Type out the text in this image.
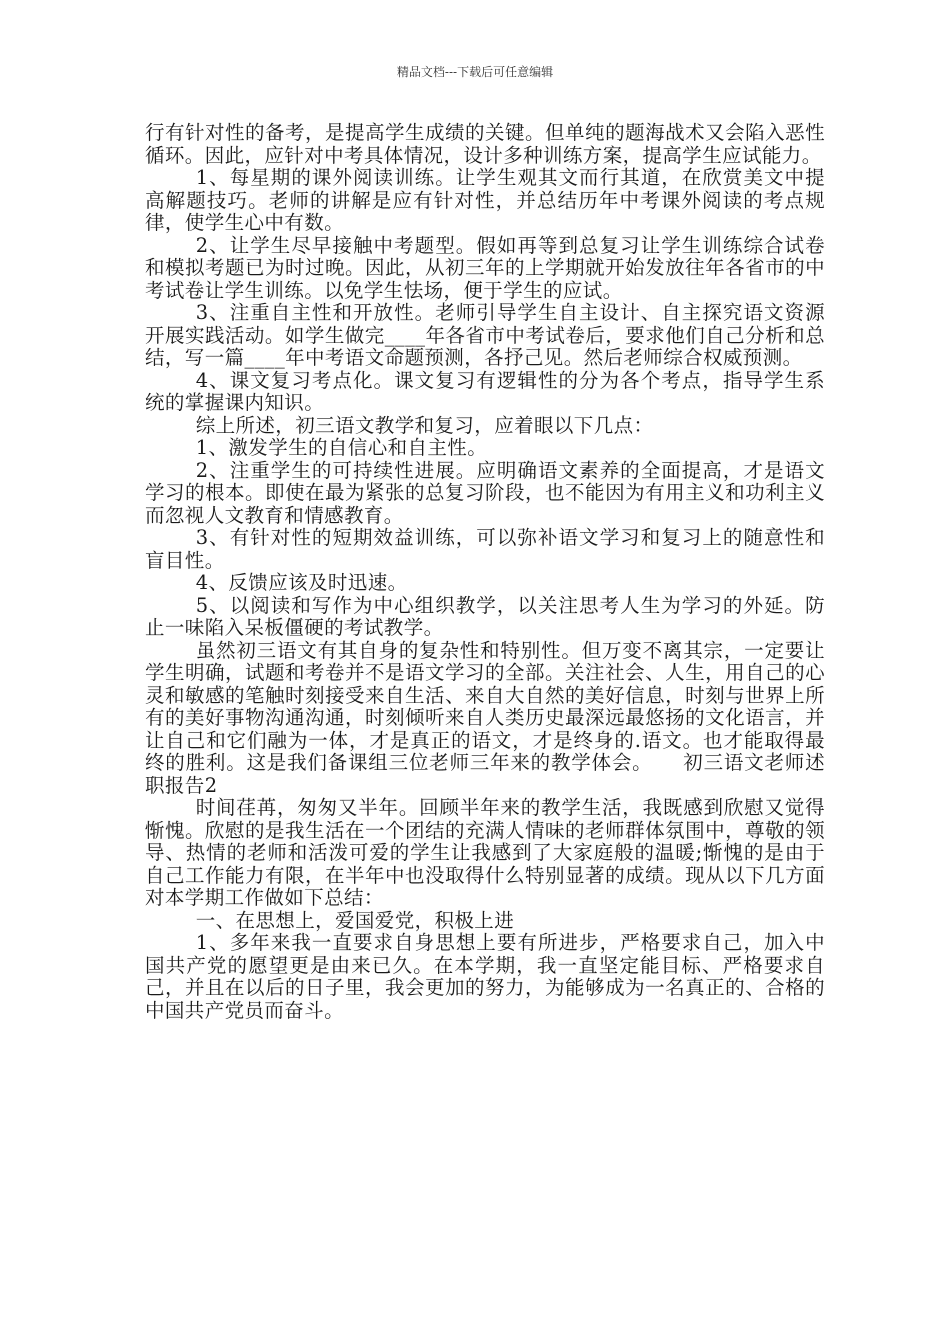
精品文档---下载后可任意编辑

行有针对性的备考，是提高学生成绩的关键。但单纯的题海战术又会陷入恶性循环。因此，应针对中考具体情况，设计多种训练方案，提高学生应试能力。

1、每星期的课外阅读训练。让学生观其文而行其道，在欣赏美文中提高解题技巧。老师的讲解是应有针对性，并总结历年中考课外阅读的考点规律，使学生心中有数。

2、让学生尽早接触中考题型。假如再等到总复习让学生训练综合试卷和模拟考题已为时过晚。因此，从初三年的上学期就开始发放往年各省市的中考试卷让学生训练。以免学生怯场，便于学生的应试。

3、注重自主性和开放性。老师引导学生自主设计、自主探究语文资源开展实践活动。如学生做完____年各省市中考试卷后，要求他们自己分析和总结，写一篇____年中考语文命题预测，各抒己见。然后老师综合权威预测。

4、课文复习考点化。课文复习有逻辑性的分为各个考点，指导学生系统的掌握课内知识。

综上所述，初三语文教学和复习，应着眼以下几点：

1、激发学生的自信心和自主性。

2、注重学生的可持续性进展。应明确语文素养的全面提高，才是语文学习的根本。即使在最为紧张的总复习阶段，也不能因为有用主义和功利主义而忽视人文教育和情感教育。

3、有针对性的短期效益训练，可以弥补语文学习和复习上的随意性和盲目性。

4、反馈应该及时迅速。

5、以阅读和写作为中心组织教学，以关注思考人生为学习的外延。防止一味陷入呆板僵硬的考试教学。

虽然初三语文有其自身的复杂性和特别性。但万变不离其宗，一定要让学生明确，试题和考卷并不是语文学习的全部。关注社会、人生，用自己的心灵和敏感的笔触时刻接受来自生活、来自大自然的美好信息，时刻与世界上所有的美好事物沟通沟通，时刻倾听来自人类历史最深远最悠扬的文化语言，并让自己和它们融为一体，才是真正的语文，才是终身的.语文。也才能取得最终的胜利。这是我们备课组三位老师三年来的教学体会。　　初三语文老师述职报告2

时间荏苒，匆匆又半年。回顾半年来的教学生活，我既感到欣慰又觉得惭愧。欣慰的是我生活在一个团结的充满人情味的老师群体氛围中，尊敬的领导、热情的老师和活泼可爱的学生让我感到了大家庭般的温暖;惭愧的是由于自己工作能力有限，在半年中也没取得什么特别显著的成绩。现从以下几方面对本学期工作做如下总结：

一、在思想上，爱国爱党，积极上进

1、多年来我一直要求自身思想上要有所进步，严格要求自己，加入中国共产党的愿望更是由来已久。在本学期，我一直坚定能目标、严格要求自己，并且在以后的日子里，我会更加的努力，为能够成为一名真正的、合格的中国共产党员而奋斗。
